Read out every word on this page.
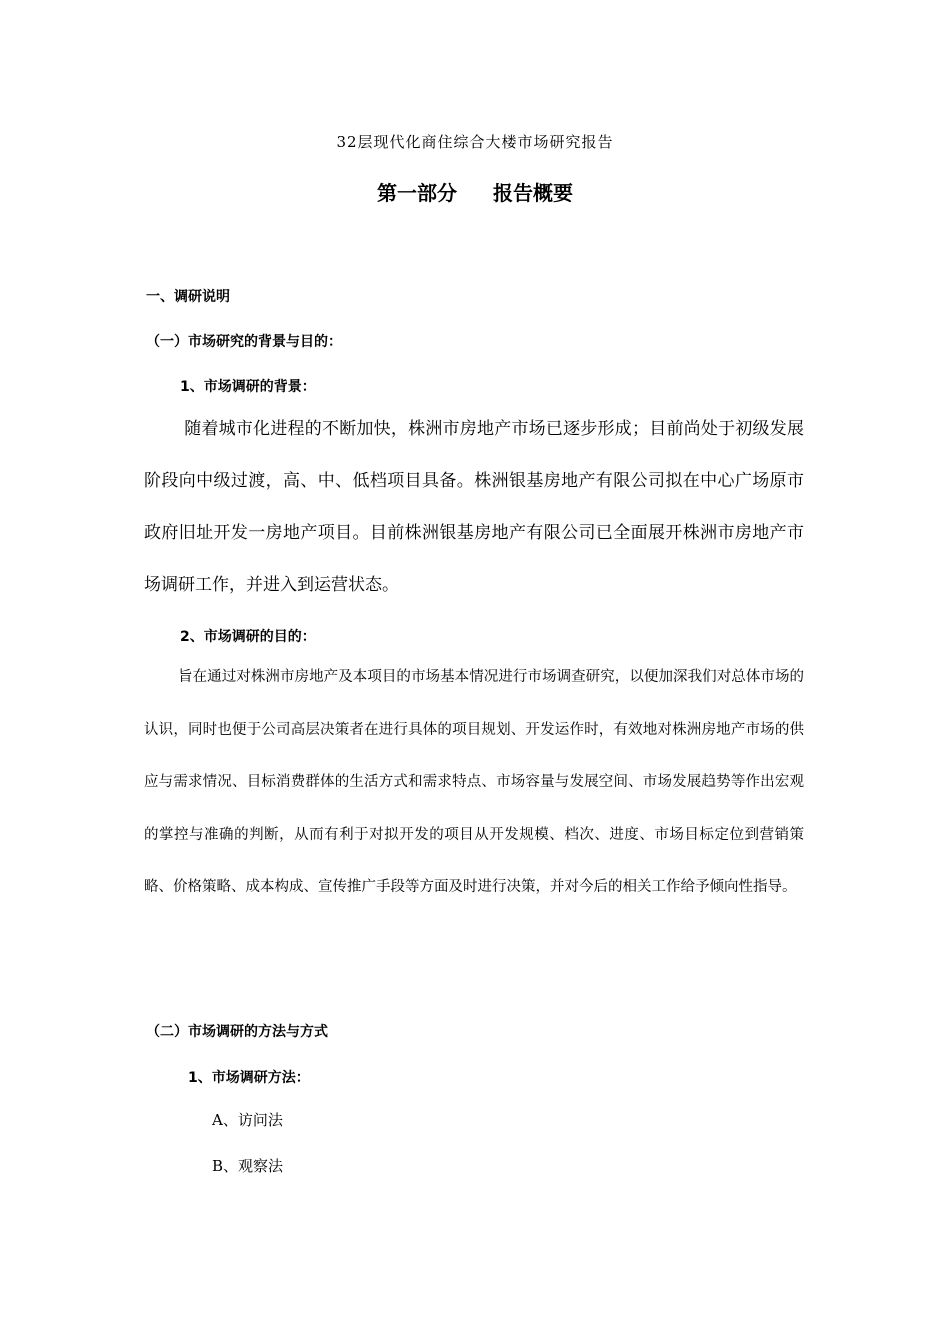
32层现代化商住综合大楼市场研究报告
第一部分 报告概要
一、调研说明
（一）市场研究的背景与目的：
1、市场调研的背景：
随着城市化进程的不断加快，株洲市房地产市场已逐步形成；目前尚处于初级发展阶段向中级过渡，高、中、低档项目具备。株洲银基房地产有限公司拟在中心广场原市政府旧址开发一房地产项目。目前株洲银基房地产有限公司已全面展开株洲市房地产市场调研工作，并进入到运营状态。
2、市场调研的目的：
旨在通过对株洲市房地产及本项目的市场基本情况进行市场调查研究，以便加深我们对总体市场的认识，同时也便于公司高层决策者在进行具体的项目规划、开发运作时，有效地对株洲房地产市场的供应与需求情况、目标消费群体的生活方式和需求特点、市场容量与发展空间、市场发展趋势等作出宏观的掌控与准确的判断，从而有利于对拟开发的项目从开发规模、档次、进度、市场目标定位到营销策略、价格策略、成本构成、宣传推广手段等方面及时进行决策，并对今后的相关工作给予倾向性指导。
（二）市场调研的方法与方式
1、市场调研方法：
A、访问法
B、观察法
